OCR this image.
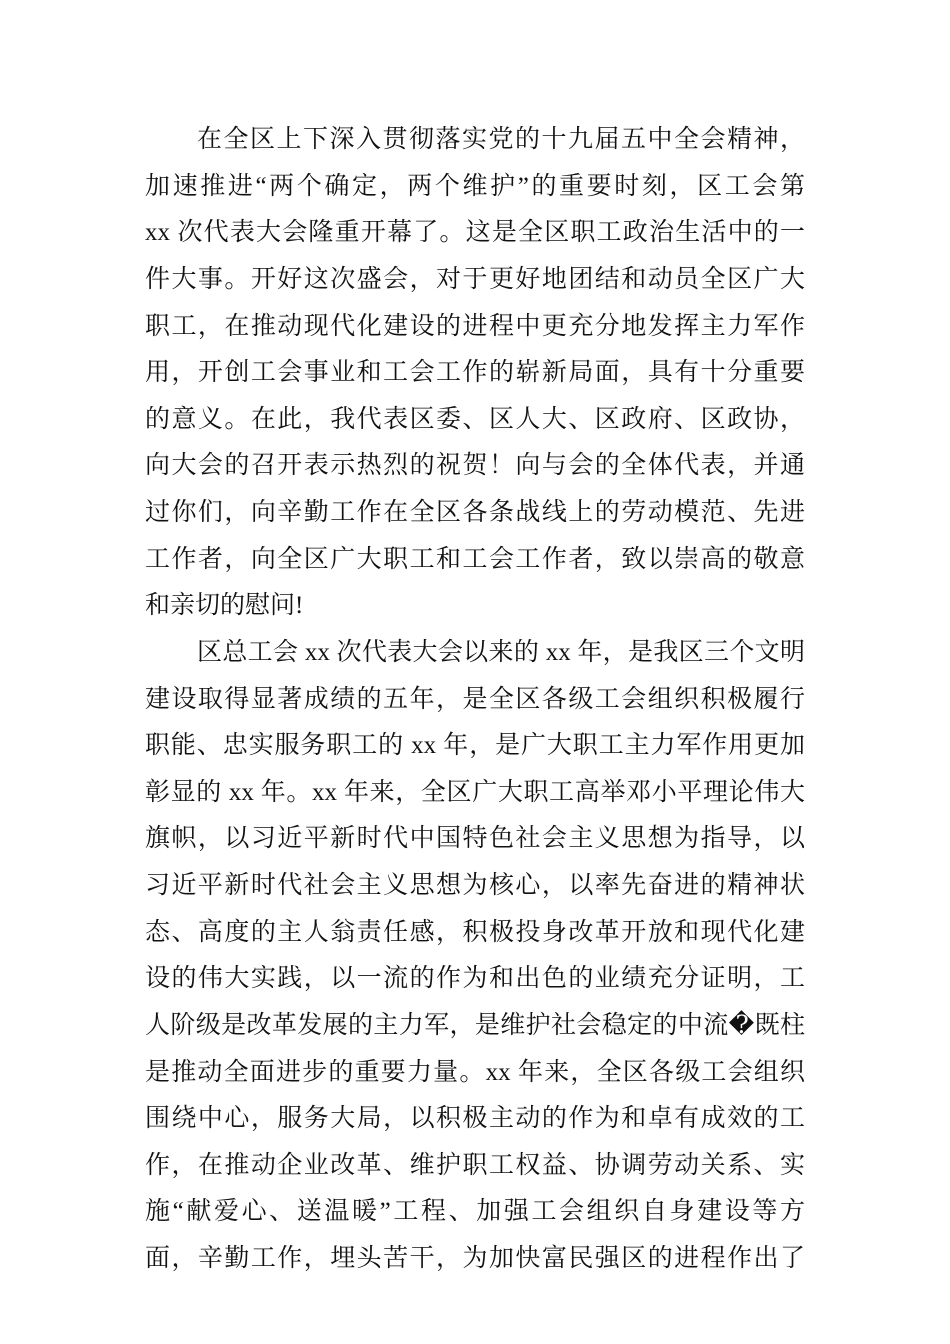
在全区上下深入贯彻落实党的十九届五中全会精神，
加速推进“两个确定，两个维护”的重要时刻，区工会第
xx 次代表大会隆重开幕了。这是全区职工政治生活中的一
件大事。开好这次盛会，对于更好地团结和动员全区广大
职工，在推动现代化建设的进程中更充分地发挥主力军作
用，开创工会事业和工会工作的崭新局面，具有十分重要
的意义。在此，我代表区委、区人大、区政府、区政协，
向大会的召开表示热烈的祝贺！向与会的全体代表，并通
过你们，向辛勤工作在全区各条战线上的劳动模范、先进
工作者，向全区广大职工和工会工作者，致以崇高的敬意
和亲切的慰问!
区总工会 xx 次代表大会以来的 xx 年，是我区三个文明
建设取得显著成绩的五年，是全区各级工会组织积极履行
职能、忠实服务职工的 xx 年，是广大职工主力军作用更加
彰显的 xx 年。xx 年来，全区广大职工高举邓小平理论伟大
旗帜，以习近平新时代中国特色社会主义思想为指导，以
习近平新时代社会主义思想为核心，以率先奋进的精神状
态、高度的主人翁责任感，积极投身改革开放和现代化建
设的伟大实践，以一流的作为和出色的业绩充分证明，工
人阶级是改革发展的主力军，是维护社会稳定的中流�既柱
是推动全面进步的重要力量。xx 年来，全区各级工会组织
围绕中心，服务大局，以积极主动的作为和卓有成效的工
作，在推动企业改革、维护职工权益、协调劳动关系、实
施“献爱心、送温暖”工程、加强工会组织自身建设等方
面，辛勤工作，埋头苦干，为加快富民强区的进程作出了
